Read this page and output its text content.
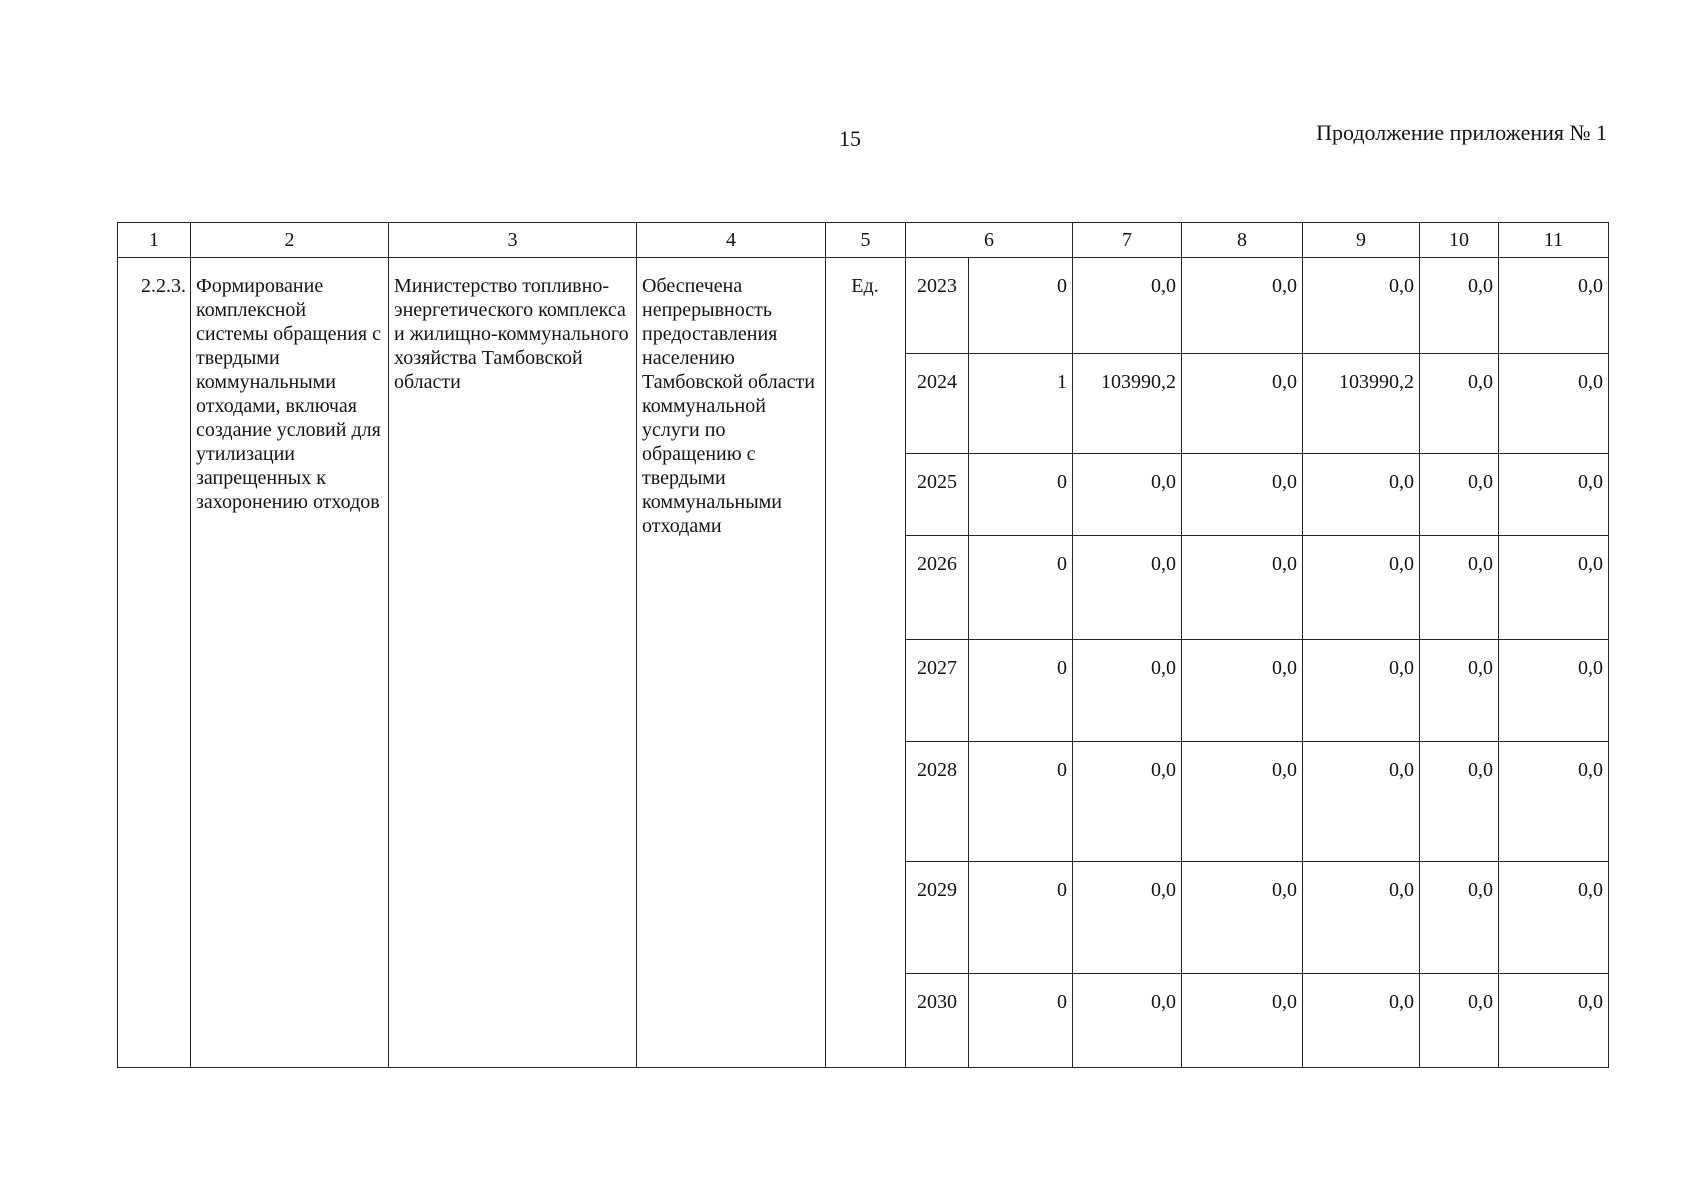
15	Продолжение приложения № 1
1	2	3	4	5	6		7	8	9	10	11
2.2.3.	Формирование комплексной системы обращения с твердыми коммунальными отходами, включая создание условий для утилизации запрещенных к захоронению отходов	Министерство топливно-энергетического комплекса и жилищно-коммунального хозяйства Тамбовской области	Обеспечена непрерывность предоставления населению Тамбовской области коммунальной услуги по обращению с твердыми коммунальными отходами	Ед.	2023	0	0,0	0,0	0,0	0,0	0,0
					2024	1	103990,2	0,0	103990,2	0,0	0,0
					2025	0	0,0	0,0	0,0	0,0	0,0
					2026	0	0,0	0,0	0,0	0,0	0,0
					2027	0	0,0	0,0	0,0	0,0	0,0
					2028	0	0,0	0,0	0,0	0,0	0,0
					2029	0	0,0	0,0	0,0	0,0	0,0
					2030	0	0,0	0,0	0,0	0,0	0,0
